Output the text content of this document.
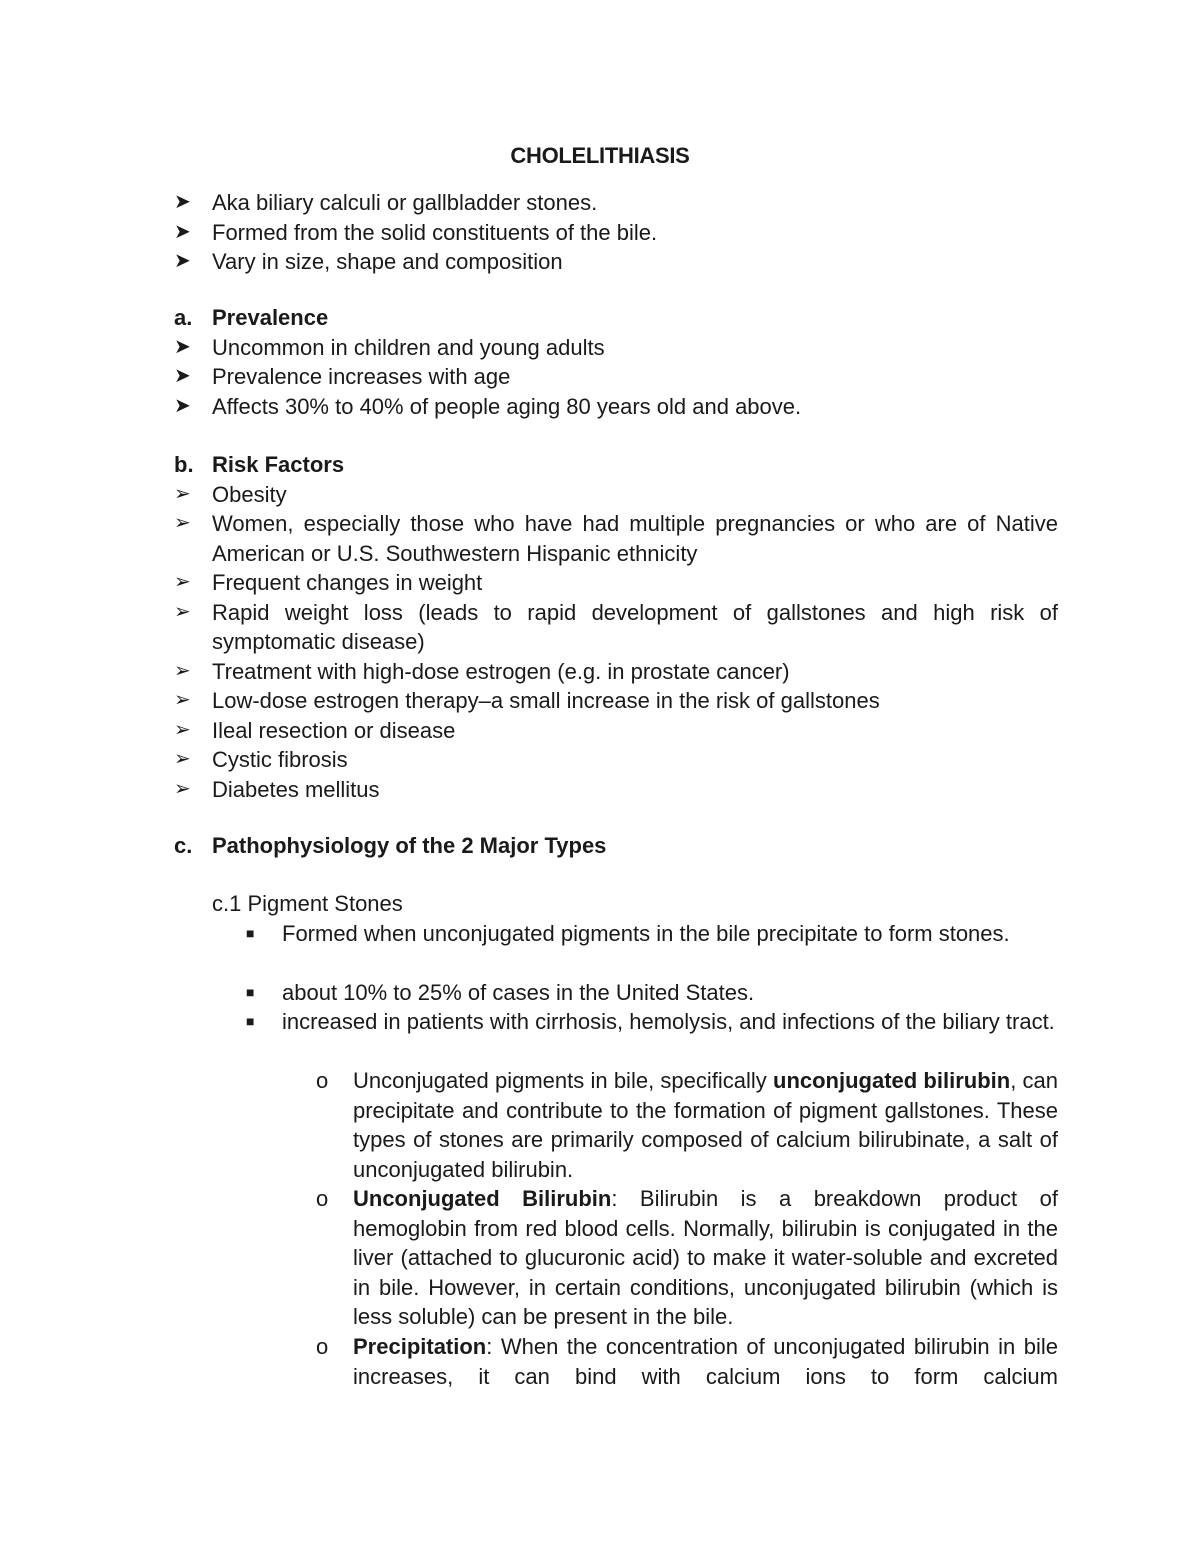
CHOLELITHIASIS
➤ Aka biliary calculi or gallbladder stones.
➤ Formed from the solid constituents of the bile.
➤ Vary in size, shape and composition
a. Prevalence
➤ Uncommon in children and young adults
➤ Prevalence increases with age
➤ Affects 30% to 40% of people aging 80 years old and above.
b. Risk Factors
➢ Obesity
➢ Women, especially those who have had multiple pregnancies or who are of Native American or U.S. Southwestern Hispanic ethnicity
➢ Frequent changes in weight
➢ Rapid weight loss (leads to rapid development of gallstones and high risk of symptomatic disease)
➢ Treatment with high-dose estrogen (e.g. in prostate cancer)
➢ Low-dose estrogen therapy–a small increase in the risk of gallstones
➢ Ileal resection or disease
➢ Cystic fibrosis
➢ Diabetes mellitus
c. Pathophysiology of the 2 Major Types
c.1 Pigment Stones
■ Formed when unconjugated pigments in the bile precipitate to form stones.
■ about 10% to 25% of cases in the United States.
■ increased in patients with cirrhosis, hemolysis, and infections of the biliary tract.
o Unconjugated pigments in bile, specifically unconjugated bilirubin, can precipitate and contribute to the formation of pigment gallstones. These types of stones are primarily composed of calcium bilirubinate, a salt of unconjugated bilirubin.
o Unconjugated Bilirubin: Bilirubin is a breakdown product of hemoglobin from red blood cells. Normally, bilirubin is conjugated in the liver (attached to glucuronic acid) to make it water-soluble and excreted in bile. However, in certain conditions, unconjugated bilirubin (which is less soluble) can be present in the bile.
o Precipitation: When the concentration of unconjugated bilirubin in bile increases, it can bind with calcium ions to form calcium
